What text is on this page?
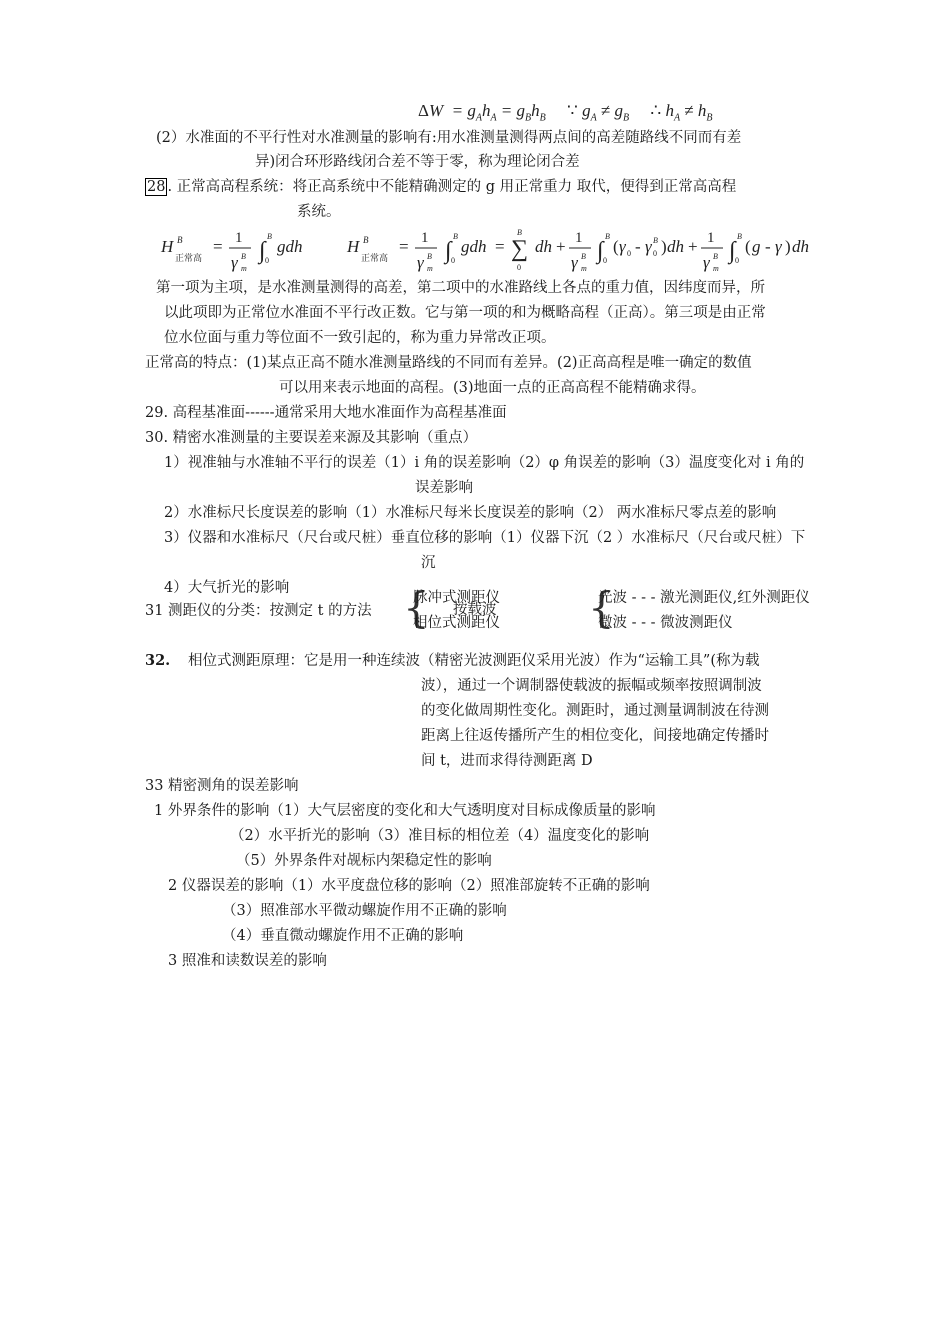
$\Delta W = g_Ah_A = g_Bh_B$ ∵ $g_A \ne g_B$ ∴ $h_A \ne h_B$
(2）水准面的不平行性对水准测量的影响有:用水准测量测得两点间的高差随路线不同而有差
异)闭合环形路线闭合差不等于零，称为理论闭合差
28 . 正常高高程系统：将正高系统中不能精确测定的 g 用正常重力 取代，便得到正常高高程
系统。
H B
正常高
= 1
γ B
m
∫
B
0
gdh	H B
正常高
= 1
γ B
m
∫
B
0
gdh = ∑
B
0
dh + 1
γ B
m
∫
B
0
( γ 0 - γ 0
B ) dh + 1
γ B
m
∫
B
0
( g - γ ) dh
第一项为主项，是水准测量测得的高差，第二项中的水准路线上各点的重力值，因纬度而异，所
以此项即为正常位水准面不平行改正数。它与第一项的和为概略高程（正高）。第三项是由正常
位水位面与重力等位面不一致引起的，称为重力异常改正项。
正常高的特点：(1)某点正高不随水准测量路线的不同而有差异。(2)正高高程是唯一确定的数值
可以用来表示地面的高程。(3)地面一点的正高高程不能精确求得。
29. 高程基准面------通常采用大地水准面作为高程基准面
30. 精密水准测量的主要误差来源及其影响（重点）
1）视准轴与水准轴不平行的误差（1）i 角的误差影响（2）φ 角误差的影响（3）温度变化对 i 角的
误差影响
2）水准标尺长度误差的影响（1）水准标尺每米长度误差的影响（2） 两水准标尺零点差的影响
3）仪器和水准标尺（尺台或尺桩）垂直位移的影响（1）仪器下沉（2 ）水准标尺（尺台或尺桩）下
沉
4）大气折光的影响
31 测距仪的分类：按测定 t 的方法 {
脉冲式测距仪
相位式测距仪
按载波 {
光波 - - - 激光测距仪,红外测距仪
微波 - - - 微波测距仪
32. 相位式测距原理：它是用一种连续波（精密光波测距仪采用光波）作为“运输工具”(称为载
波），通过一个调制器使载波的振幅或频率按照调制波
的变化做周期性变化。测距时，通过测量调制波在待测
距离上往返传播所产生的相位变化，间接地确定传播时
间 t，进而求得待测距离 D
33 精密测角的误差影响
1 外界条件的影响（1）大气层密度的变化和大气透明度对目标成像质量的影响
（2）水平折光的影响（3）准目标的相位差（4）温度变化的影响
（5）外界条件对觇标内架稳定性的影响
2 仪器误差的影响（1）水平度盘位移的影响（2）照准部旋转不正确的影响
（3）照准部水平微动螺旋作用不正确的影响
（4）垂直微动螺旋作用不正确的影响
3 照准和读数误差的影响
